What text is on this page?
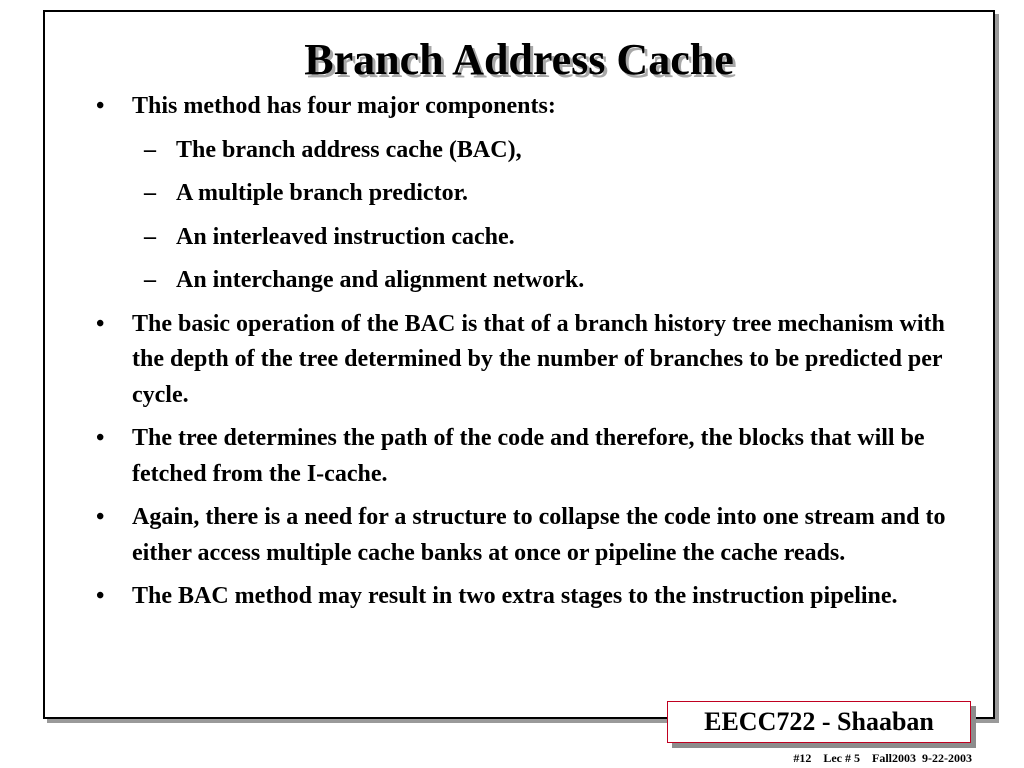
Branch Address Cache
• This method has four major components:
– The branch address cache (BAC),
– A multiple branch predictor.
– An interleaved instruction cache.
– An interchange and alignment network.
• The basic operation of the BAC is that of a branch history tree mechanism with the depth of the tree determined by the number of branches to be predicted per cycle.
• The tree determines the path of the code and therefore, the blocks that will be fetched from the I-cache.
• Again, there is a need for a structure to collapse the code into one stream and to either access multiple cache banks at once or pipeline the cache reads.
• The BAC method may result in two extra stages to the instruction pipeline.
EECC722 - Shaaban
#12    Lec # 5    Fall2003  9-22-2003
